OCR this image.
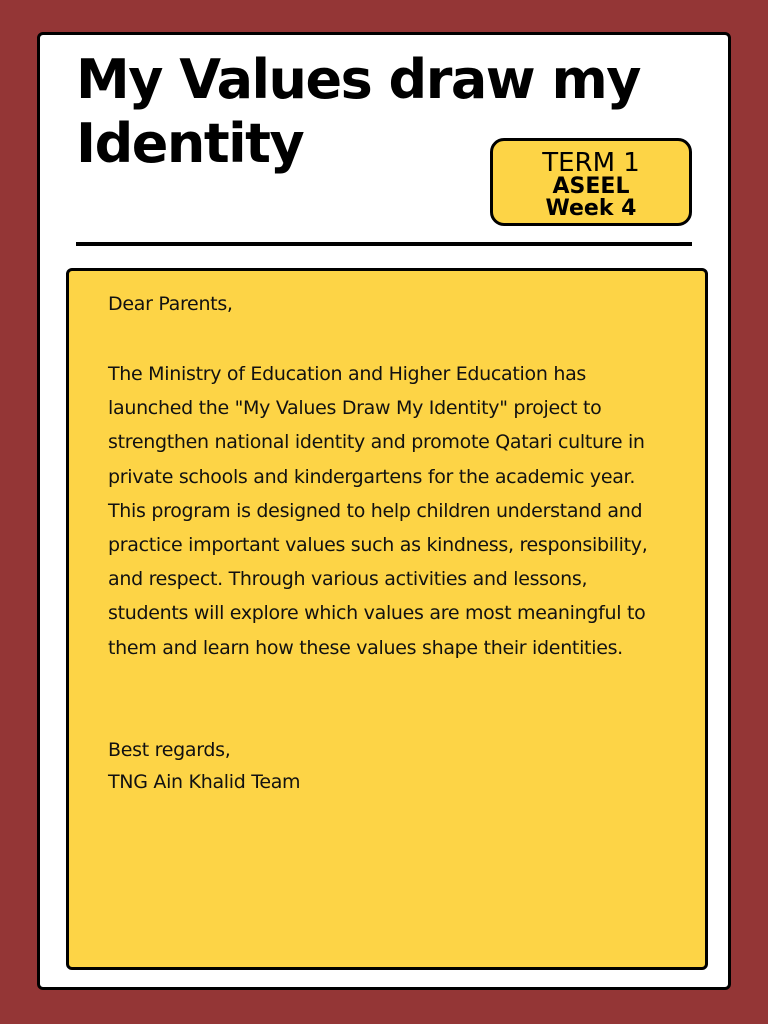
My Values draw my Identity	TERM 1
ASEEL
Week 4

Dear Parents,

The Ministry of Education and Higher Education has launched the "My Values Draw My Identity" project to strengthen national identity and promote Qatari culture in private schools and kindergartens for the academic year. This program is designed to help children understand and practice important values such as kindness, responsibility, and respect. Through various activities and lessons, students will explore which values are most meaningful to them and learn how these values shape their identities.

Best regards,

TNG Ain Khalid Team
